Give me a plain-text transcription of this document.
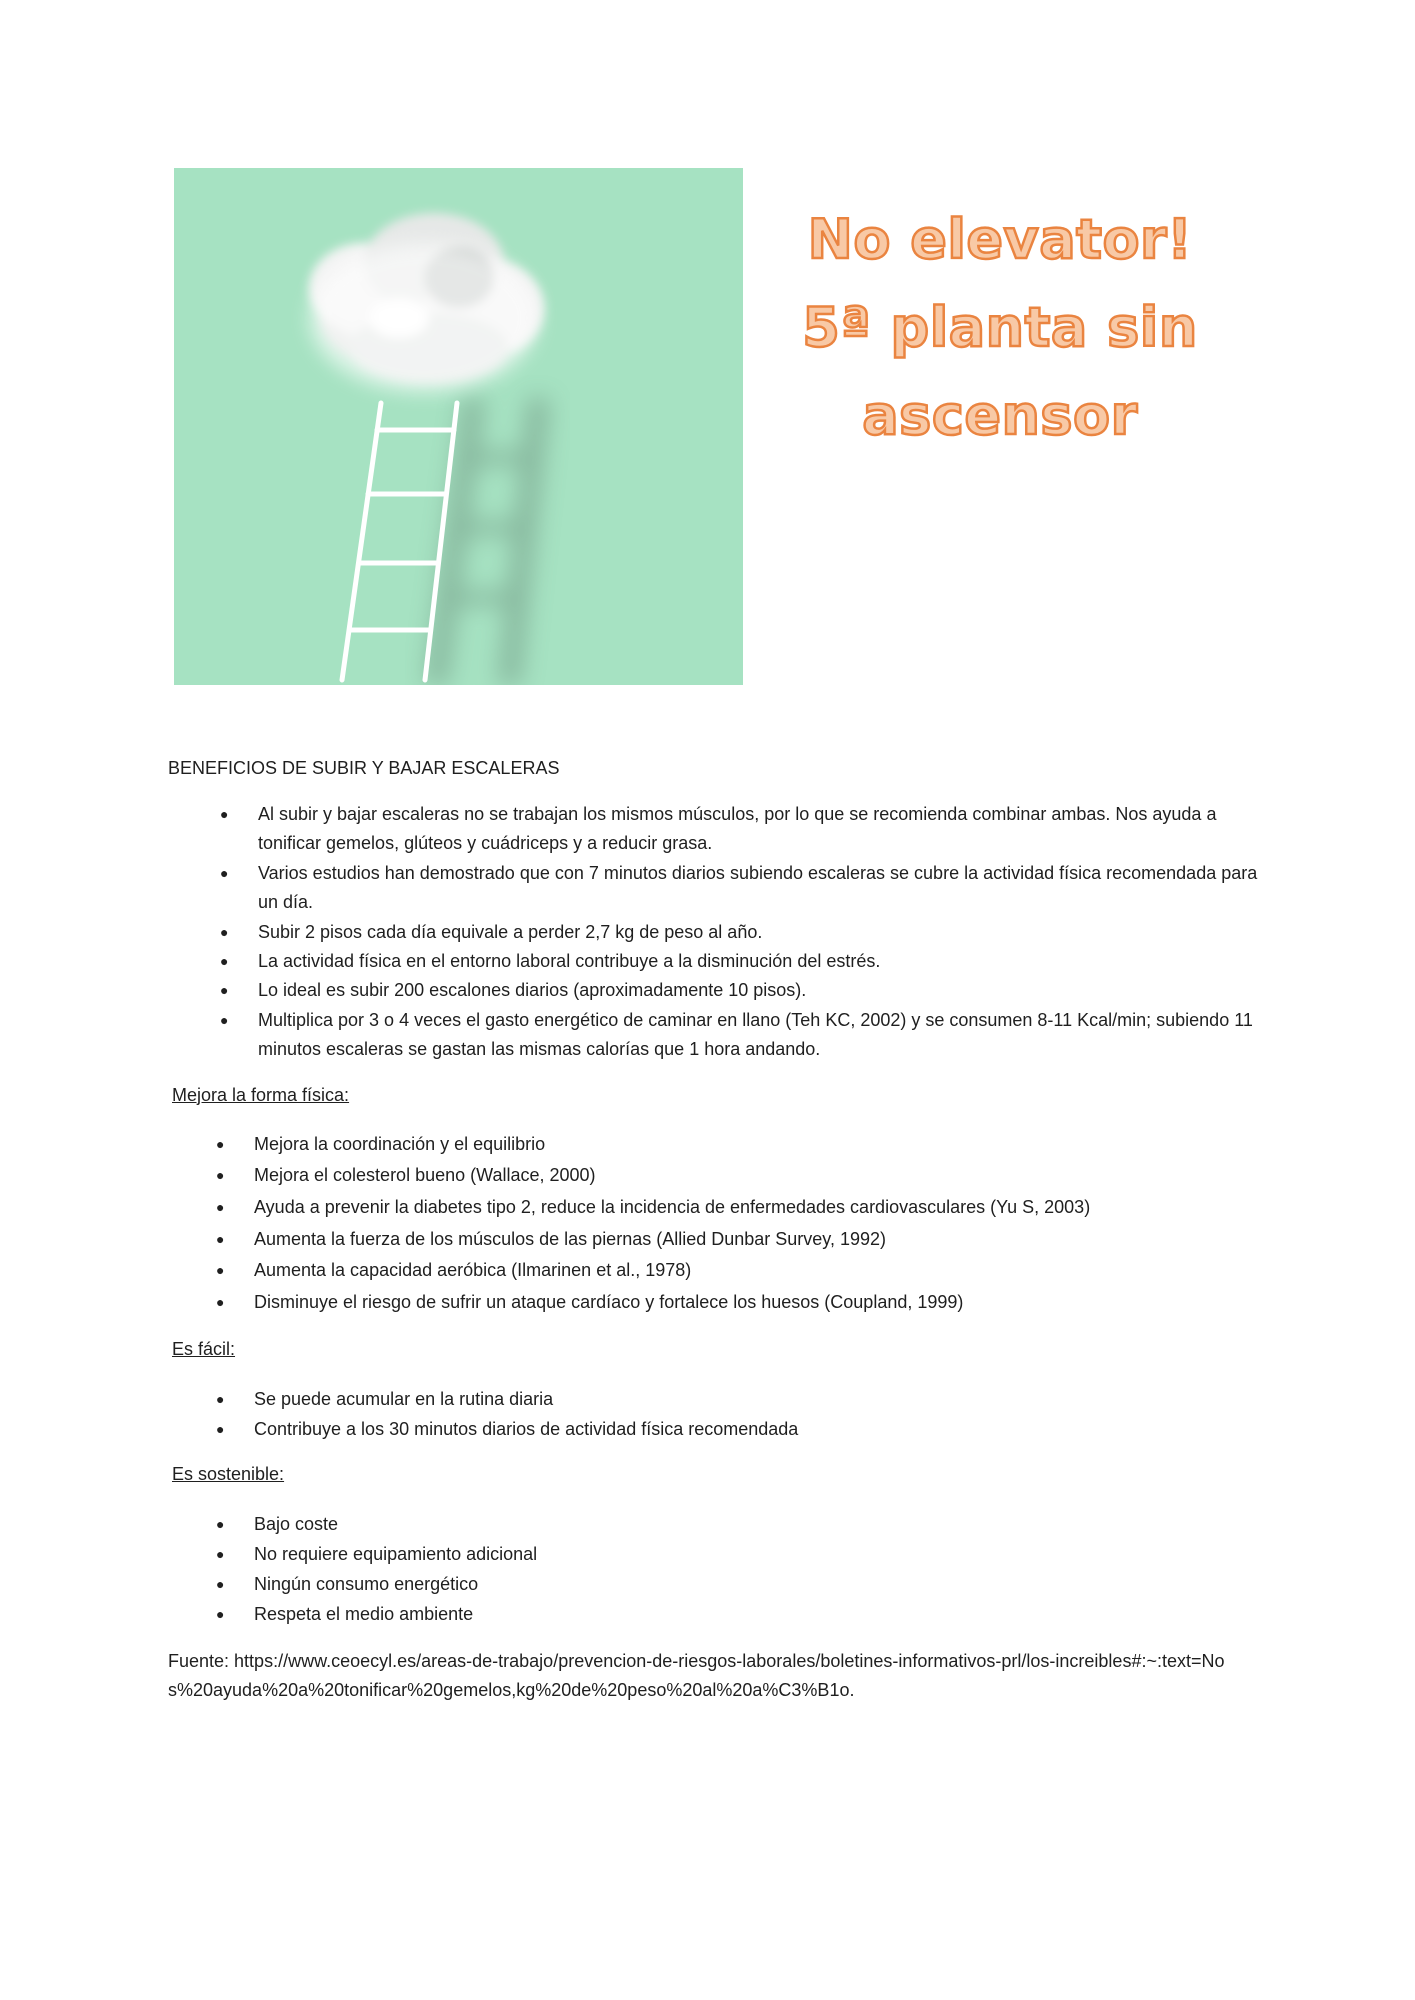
No elevator!
5ª planta sin
ascensor
BENEFICIOS DE SUBIR Y BAJAR ESCALERAS
● Al subir y bajar escaleras no se trabajan los mismos músculos, por lo que se recomienda combinar ambas. Nos ayuda a tonificar gemelos, glúteos y cuádriceps y a reducir grasa.
● Varios estudios han demostrado que con 7 minutos diarios subiendo escaleras se cubre la actividad física recomendada para un día.
● Subir 2 pisos cada día equivale a perder 2,7 kg de peso al año.
● La actividad física en el entorno laboral contribuye a la disminución del estrés.
● Lo ideal es subir 200 escalones diarios (aproximadamente 10 pisos).
● Multiplica por 3 o 4 veces el gasto energético de caminar en llano (Teh KC, 2002) y se consumen 8-11 Kcal/min; subiendo 11 minutos escaleras se gastan las mismas calorías que 1 hora andando.
Mejora la forma física:
● Mejora la coordinación y el equilibrio
● Mejora el colesterol bueno (Wallace, 2000)
● Ayuda a prevenir la diabetes tipo 2, reduce la incidencia de enfermedades cardiovasculares (Yu S, 2003)
● Aumenta la fuerza de los músculos de las piernas (Allied Dunbar Survey, 1992)
● Aumenta la capacidad aeróbica (Ilmarinen et al., 1978)
● Disminuye el riesgo de sufrir un ataque cardíaco y fortalece los huesos (Coupland, 1999)
Es fácil:
● Se puede acumular en la rutina diaria
● Contribuye a los 30 minutos diarios de actividad física recomendada
Es sostenible:
● Bajo coste
● No requiere equipamiento adicional
● Ningún consumo energético
● Respeta el medio ambiente
Fuente: https://www.ceoecyl.es/areas-de-trabajo/prevencion-de-riesgos-laborales/boletines-informativos-prl/los-increibles#:~:text=Nos%20ayuda%20a%20tonificar%20gemelos,kg%20de%20peso%20al%20a%C3%B1o.
